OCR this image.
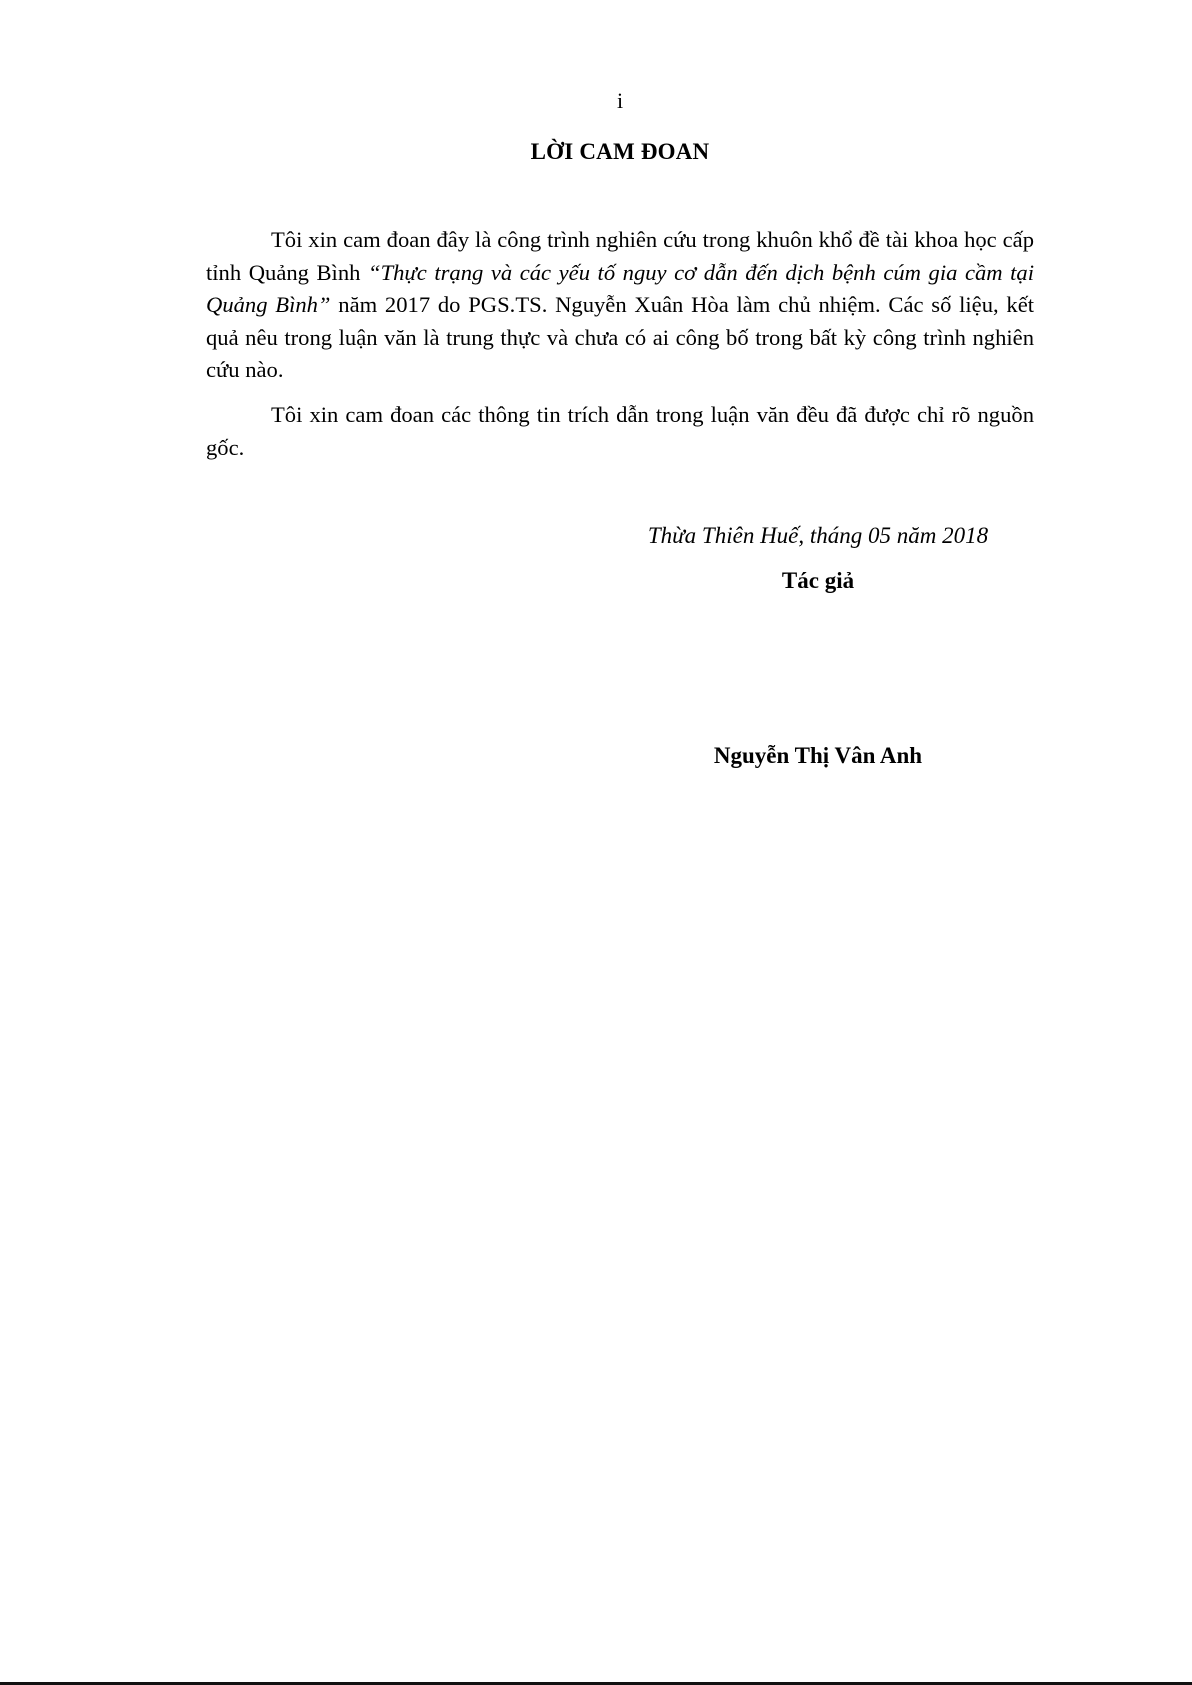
i
LỜI CAM ĐOAN

Tôi xin cam đoan đây là công trình nghiên cứu trong khuôn khổ đề tài khoa học cấp tỉnh Quảng Bình “Thực trạng và các yếu tố nguy cơ dẫn đến dịch bệnh cúm gia cầm tại Quảng Bình” năm 2017 do PGS.TS. Nguyễn Xuân Hòa làm chủ nhiệm. Các số liệu, kết quả nêu trong luận văn là trung thực và chưa có ai công bố trong bất kỳ công trình nghiên cứu nào.

Tôi xin cam đoan các thông tin trích dẫn trong luận văn đều đã được chỉ rõ nguồn gốc.

Thừa Thiên Huế, tháng 05 năm 2018
Tác giả
Nguyễn Thị Vân Anh
